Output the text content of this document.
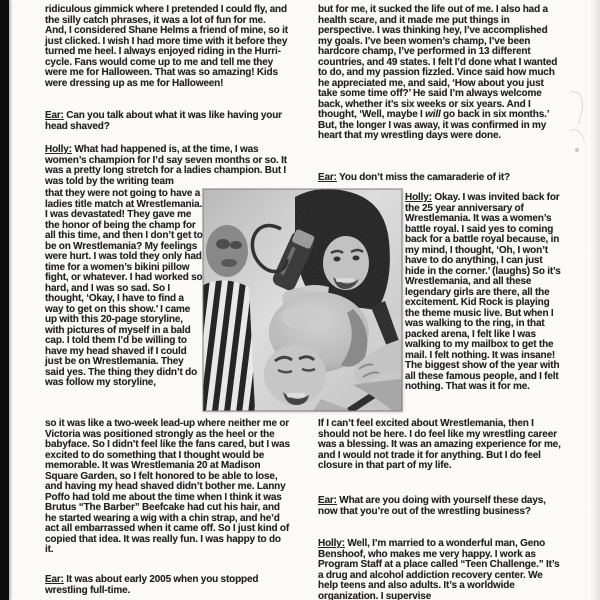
ridiculous gimmick where I pretended I could fly, and the silly catch phrases, it was a lot of fun for me. And, I considered Shane Helms a friend of mine, so it just clicked. I wish I had more time with it before they turned me heel. I always enjoyed riding in the Hurri-cycle. Fans would come up to me and tell me they were me for Halloween. That was so amazing! Kids were dressing up as me for Halloween!

Ear: Can you talk about what it was like having your head shaved?

Holly: What had happened is, at the time, I was women’s champion for I’d say seven months or so. It was a pretty long stretch for a ladies champion. But I was told by the writing team

that they were not going to have a ladies title match at Wrestlemania. I was devastated! They gave me the honor of being the champ for all this time, and then I don’t get to be on Wrestlemania? My feelings were hurt. I was told they only had time for a women’s bikini pillow fight, or whatever. I had worked so hard, and I was so sad. So I thought, ‘Okay, I have to find a way to get on this show.’ I came up with this 20-page storyline, with pictures of myself in a bald cap. I told them I’d be willing to have my head shaved if I could just be on Wrestlemania. They said yes. The thing they didn’t do was follow my storyline,

so it was like a two-week lead-up where neither me or Victoria was positioned strongly as the heel or the babyface. So I didn’t feel like the fans cared, but I was excited to do something that I thought would be memorable. It was Wrestlemania 20 at Madison Square Garden, so I felt honored to be able to lose, and having my head shaved didn’t bother me. Lanny Poffo had told me about the time when I think it was Brutus “The Barber” Beefcake had cut his hair, and he started wearing a wig with a chin strap, and he’d act all embarrassed when it came off. So I just kind of copied that idea. It was really fun. I was happy to do it.

Ear: It was about early 2005 when you stopped wrestling full-time.

but for me, it sucked the life out of me. I also had a health scare, and it made me put things in perspective. I was thinking hey, I’ve accomplished my goals. I’ve been women’s champ, I’ve been hardcore champ, I’ve performed in 13 different countries, and 49 states. I felt I’d done what I wanted to do, and my passion fizzled. Vince said how much he appreciated me, and said, ‘How about you just take some time off?’ He said I’m always welcome back, whether it’s six weeks or six years. And I thought, ‘Well, maybe I will go back in six months.’ But, the longer I was away, it was confirmed in my heart that my wrestling days were done.

Ear: You don’t miss the camaraderie of it?

Holly: Okay. I was invited back for the 25 year anniversary of Wrestlemania. It was a women’s battle royal. I said yes to coming back for a battle royal because, in my mind, I thought, ‘Oh, I won’t have to do anything, I can just hide in the corner.’ (laughs) So it’s Wrestlemania, and all these legendary girls are there, all the excitement. Kid Rock is playing the theme music live. But when I was walking to the ring, in that packed arena, I felt like I was walking to my mailbox to get the mail. I felt nothing. It was insane! The biggest show of the year with all these famous people, and I felt nothing. That was it for me.

If I can’t feel excited about Wrestlemania, then I should not be here. I do feel like my wrestling career was a blessing. It was an amazing experience for me, and I would not trade it for anything. But I do feel closure in that part of my life.

Ear: What are you doing with yourself these days, now that you’re out of the wrestling business?

Holly: Well, I’m married to a wonderful man, Geno Benshoof, who makes me very happy. I work as Program Staff at a place called “Teen Challenge.” It’s a drug and alcohol addiction recovery center. We help teens and also adults. It’s a worldwide organization. I supervise
